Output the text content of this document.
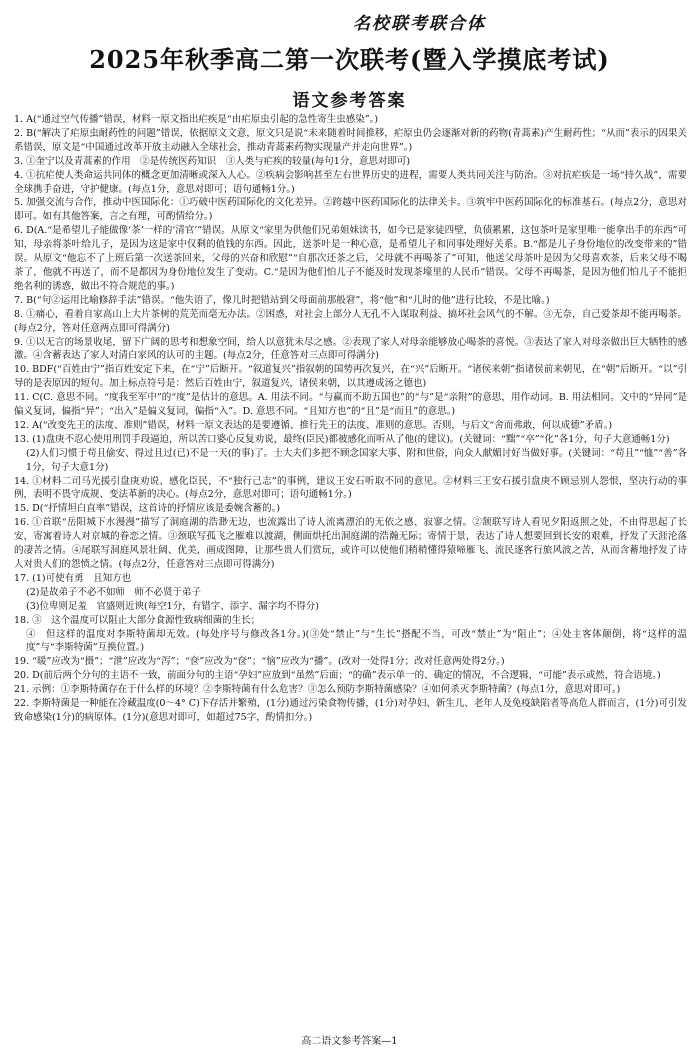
名校联考联合体
2025年秋季高二第一次联考(暨入学摸底考试)
语文参考答案

1. A(“通过空气传播”错误，材料一原文指出疟疾是“由疟原虫引起的急性寄生虫感染”。)

2. B(“解决了疟原虫耐药性的问题”错误，依据原文文意，原文只是说“未来随着时间推移，疟原虫仍会逐渐对新的药物(青蒿素)产生耐药性；“从而”表示的因果关系错误，原文是“中国通过改革开放主动融入全球社会，推动青蒿素药物实现量产并走向世界”。)

3. ①奎宁以及青蒿素的作用　②是传统医药知识　③人类与疟疾的较量(每句1分，意思对即可)

4. ①抗疟使人类命运共同体的概念更加清晰或深入人心。②疾病会影响甚至左右世界历史的进程，需要人类共同关注与防治。③对抗疟疾是一场“持久战”，需要全球携手奋进，守护健康。(每点1分，意思对即可；语句通畅1分。)

5. 加强交流与合作，推动中医国际化：①巧破中医药国际化的文化差异。②跨越中医药国际化的法律关卡。③筑牢中医药国际化的标准基石。(每点2分，意思对即可。如有其他答案，言之有理，可酌情给分。)

6. D(A.“是希望儿子能做像‘茶’一样的‘清官’”错误。从原文“家里为供他们兄弟姐妹读书，如今已是家徒四壁，负债累累，这包茶叶是家里唯一能拿出手的东西”可知，母亲将茶叶给儿子，是因为这是家中仅剩的值钱的东西。因此，送茶叶是一种心意，是希望儿子和同事处理好关系。B.“都是儿子身份地位的改变带来的”错误。从原文“他忘不了上班后第一次送茶回来，父母的兴奋和欣慰”“自那次还茶之后，父母就不再喝茶了”可知，他送父母茶叶是因为父母喜欢茶，后来父母不喝茶了，他就不再送了，而不是都因为身份地位发生了变动。C.“是因为他们怕儿子不能及时发现茶壕里的人民币”错误。父母不再喝茶，是因为他们怕儿子不能拒绝名利的诱惑，做出不符合规范的事。)

7. B(“句②运用比喻修辞手法”错误。“他失语了，像儿时把错站到父母面前那般窘”，将“他”和“儿时的他”进行比较，不是比喻。)

8. ①痛心，看着自家高山上大片茶树的荒芜而毫无办法。②困惑，对社会上部分人无孔不入谋取利益、搞坏社会风气的不解。③无奈，自己爱茶却不能再喝茶。(每点2分，答对任意两点即可得满分)

9. ①以无言的场景收尾，留下广阔的思考和想象空间，给人以意犹未尽之感。②表现了家人对母亲能够放心喝茶的喜悦。③表达了家人对母亲做出巨大牺牲的感激。④含蓄表达了家人对清白家风的认可的主题。(每点2分，任意答对三点即可得满分)

10. BDF(“百姓由宁”指百姓安定下来，在“宁”后断开。“叙道复兴”指叙朝的国势再次复兴，在“兴”后断开。“诸侯来朝”指诸侯前来朝见，在“朝”后断开。“以”引导的是表原因的短句。加上标点符号是：然后百姓由宁，叙道复兴，诸侯来朝，以其遵成汤之德也)

11. C(C. 意思不同。“度我至军中”的“度”是估计的意思。A. 用法不同。“与赢而不助五国也”的“与”是“亲附”的意思，用作动词。B. 用法相同。文中的“异同”是偏义复词，偏指“异”；“出入”是偏义复词，偏指“入”。D. 意思不同。“且知方也”的“且”是“而且”的意思。)

12. A(“改变先王的法度、准则”错误，材料一原文表达的是要遵循、推行先王的法度、准则的意思。否则，与后文“舍而弗敢，何以成德”矛盾。)

13. (1)盘庚不忍心使用刑罚手段逼迫，所以苦口婆心反复劝说，最终(臣民)都被感化而听从了他(的建议)。(关键词：“黜”“卒”“化”各1分，句子大意通畅1分)

(2)人们习惯于苟且偷安、得过且过(已)不是一天(的事)了。士大夫们多把不顾念国家大事、附和世俗，向众人献媚讨好当做好事。(关键词：“苟且”“恤”“善”各1分，句子大意1分)

14. ①材料二司马光援引盘庚劝说、感化臣民，不“独行己志”的事例，建议王安石听取不同的意见。②材料三王安石援引盘庚不顾忌别人怨恨，坚决行动的事例，表明不畏守成规、变法革新的决心。(每点2分，意思对即可；语句通畅1分。)

15. D(“抒情坦白直率”错误，这首诗的抒情应该是委婉含蓄的。)

16. ①首联“岳阳城下水漫漫”描写了洞庭湖的浩渺无边，也流露出了诗人流离漂泊的无依之感、寂寥之情。②颔联写诗人看见夕阳返照之处，不由得思起了长安，寄寓着诗人对京城的眷恋之情。③颈联写孤飞之雁难以渡湖，侧面烘托出洞庭湖的浩瀚无际；寄情于景，表达了诗人想要回到长安的艰难，抒发了天涯沦落的凄苦之情。④尾联写洞庭风景壮阔、优美，画成图障，让那些贵人们赏玩，或许可以使他们稍稍懂得猿啼雁飞、流民逐客行旅风波之苦，从而含蓄地抒发了诗人对贵人们的怨愤之情。(每点2分，任意答对三点即可得满分)

17. (1)可使有勇　且知方也

(2)是故弟子不必不如师　师不必贤于弟子

(3)位卑则足羞　官盛则近谀(每空1分，有错字、添字、漏字均不得分)

18. ③　这个温度可以阻止大部分食源性致病细菌的生长；

④　但这样的温度对李斯特菌却无效。(每处序号与修改各1分。)(③处“禁止”与“生长”搭配不当，可改“禁止”为“阻止”；④处主客体颠倒，将“这样的温度”与“李斯特菌”互换位置。)

19. “暖”应改为“摄”；“泄”应改为“泻”；“奁”应改为“奁”；“恼”应改为“播”。(改对一处得1分；改对任意两处得2分。)

20. D(前后两个分句的主语不一致，前面分句的主语“孕妇”应放到“虽然”后面；“的确”表示单一的、确定的情况，不合逻辑，“可能”表示或然，符合语境。)

21. 示例：①李斯特菌存在于什么样的环境？②李斯特菌有什么危害？③怎么预防李斯特菌感染？④如何杀灭李斯特菌？(每点1分，意思对即可。)

22. 李斯特菌是一种能在冷藏温度(0～4° C)下存活并繁殖，(1分)通过污染食物传播，(1分)对孕妇、新生儿、老年人及免疫缺陷者等高危人群而言，(1分)可引发致命感染(1分)的病原体。(1分)(意思对即可，如超过75字，酌情扣分。)

高二语文参考答案—1
